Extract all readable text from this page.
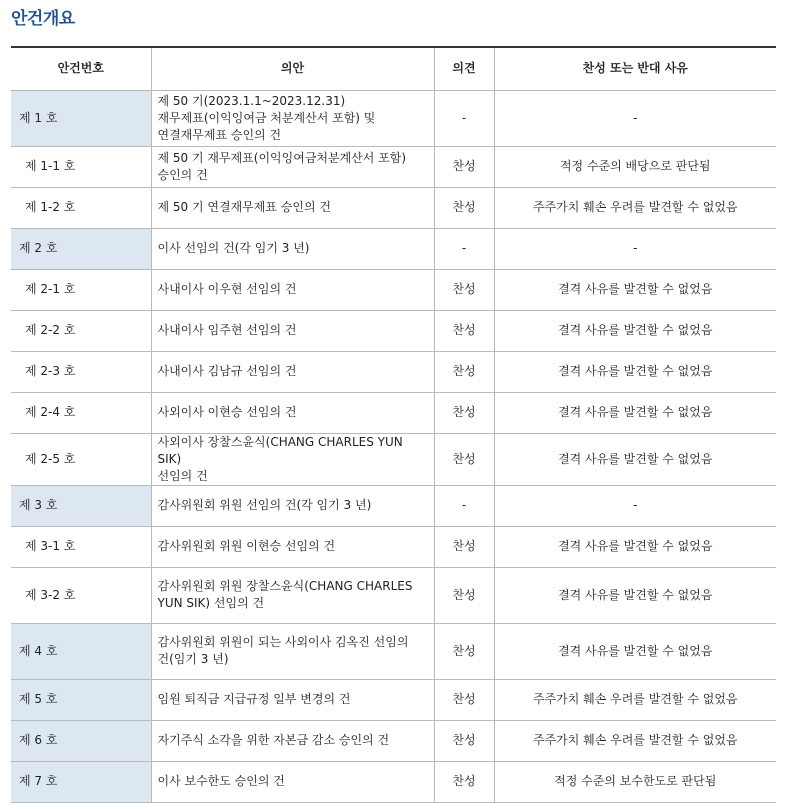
안건개요
안건번호	의안	의견	찬성 또는 반대 사유
제 1 호	제 50 기(2023.1.1~2023.12.31)
재무제표(이익잉여금 처분계산서 포함) 및
연결재무제표 승인의 건	-	-
제 1-1 호	제 50 기 재무제표(이익잉여금처분계산서 포함)
승인의 건	찬성	적정 수준의 배당으로 판단됨
제 1-2 호	제 50 기 연결재무제표 승인의 건	찬성	주주가치 훼손 우려를 발견할 수 없었음
제 2 호	이사 선임의 건(각 임기 3 년)	-	-
제 2-1 호	사내이사 이우현 선임의 건	찬성	결격 사유를 발견할 수 없었음
제 2-2 호	사내이사 임주현 선임의 건	찬성	결격 사유를 발견할 수 없었음
제 2-3 호	사내이사 김남규 선임의 건	찬성	결격 사유를 발견할 수 없었음
제 2-4 호	사외이사 이현승 선임의 건	찬성	결격 사유를 발견할 수 없었음
제 2-5 호	사외이사 장찰스윤식(CHANG CHARLES YUN SIK)
선임의 건	찬성	결격 사유를 발견할 수 없었음
제 3 호	감사위원회 위원 선임의 건(각 임기 3 년)	-	-
제 3-1 호	감사위원회 위원 이현승 선임의 건	찬성	결격 사유를 발견할 수 없었음
제 3-2 호	감사위원회 위원 장찰스윤식(CHANG CHARLES
YUN SIK) 선임의 건	찬성	결격 사유를 발견할 수 없었음
제 4 호	감사위원회 위원이 되는 사외이사 김옥진 선임의
건(임기 3 년)	찬성	결격 사유를 발견할 수 없었음
제 5 호	임원 퇴직금 지급규정 일부 변경의 건	찬성	주주가치 훼손 우려를 발견할 수 없었음
제 6 호	자기주식 소각을 위한 자본금 감소 승인의 건	찬성	주주가치 훼손 우려를 발견할 수 없었음
제 7 호	이사 보수한도 승인의 건	찬성	적정 수준의 보수한도로 판단됨
